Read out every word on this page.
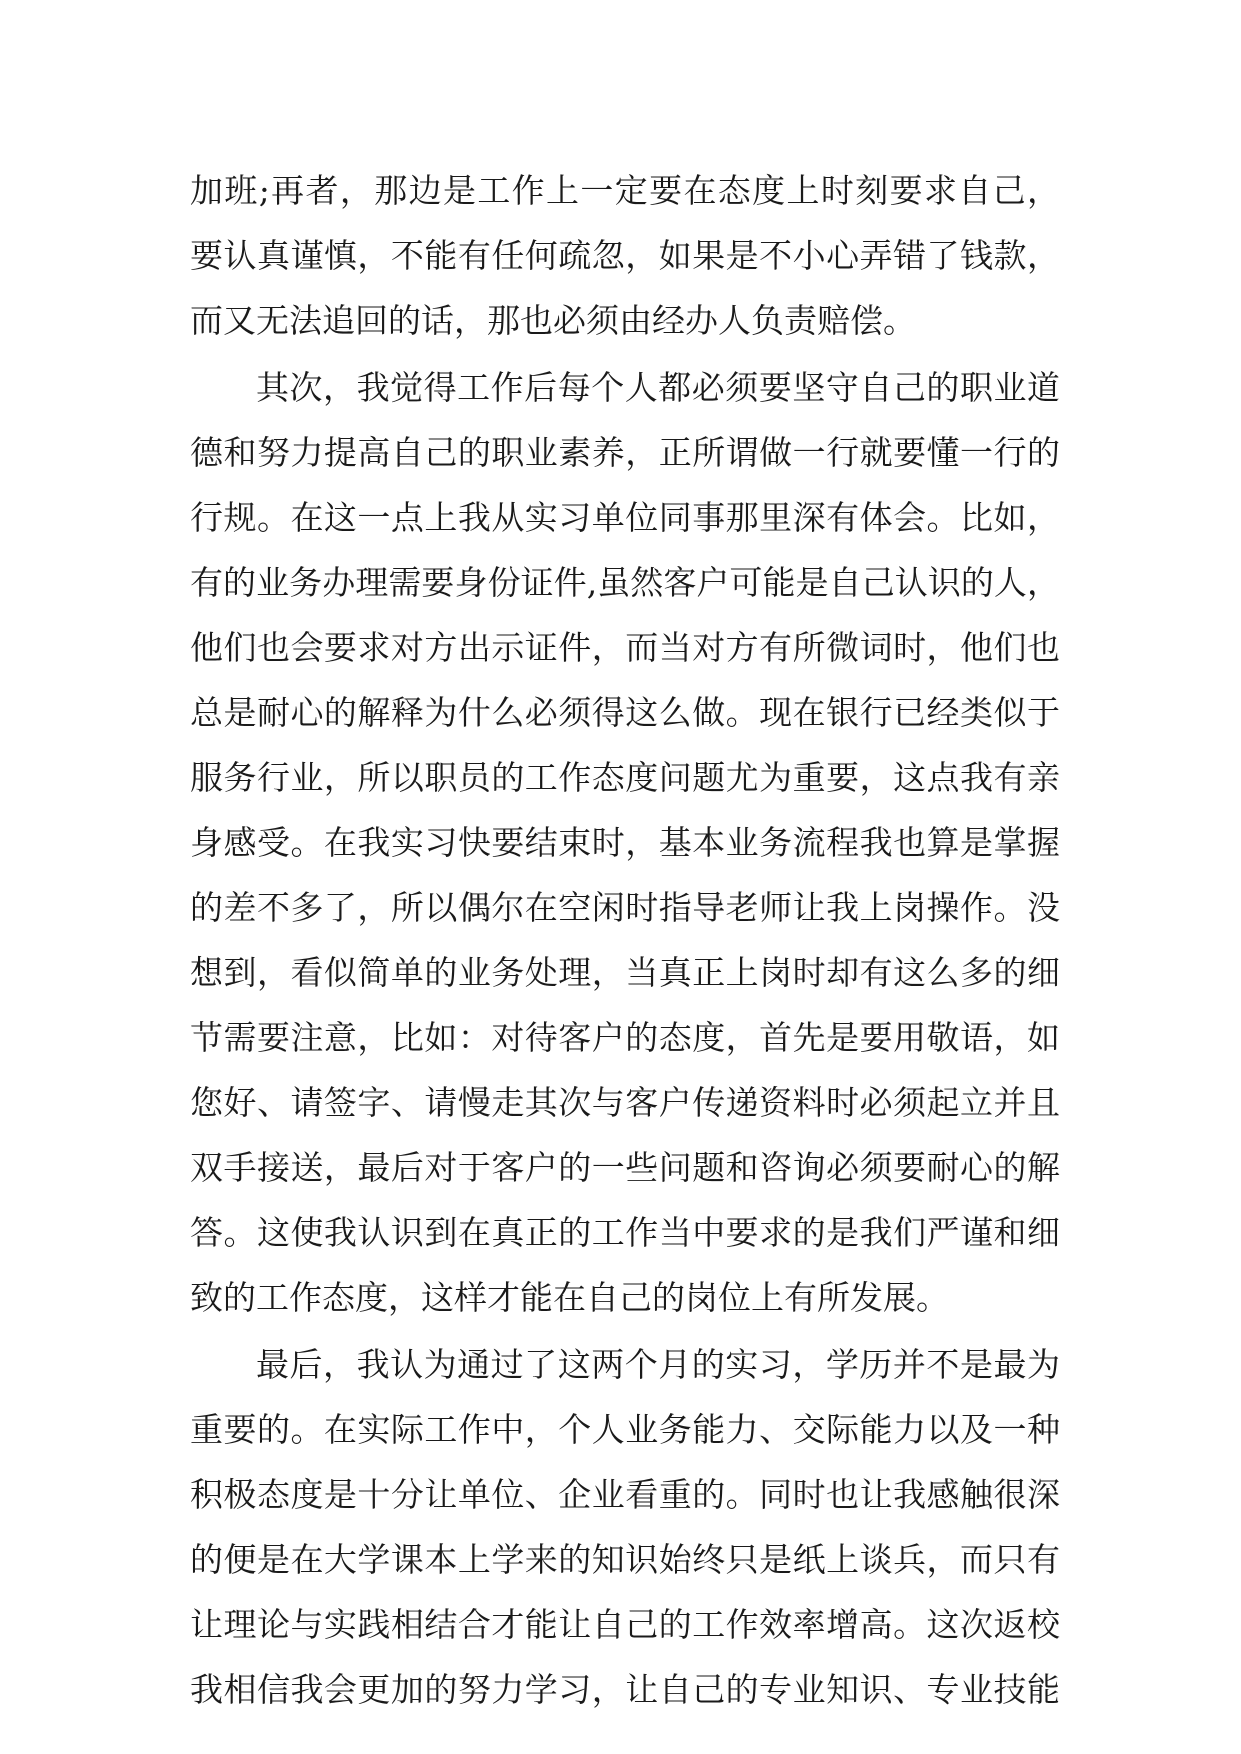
加班;再者，那边是工作上一定要在态度上时刻要求自己，
要认真谨慎，不能有任何疏忽，如果是不小心弄错了钱款，
而又无法追回的话，那也必须由经办人负责赔偿。
其次，我觉得工作后每个人都必须要坚守自己的职业道
德和努力提高自己的职业素养，正所谓做一行就要懂一行的
行规。在这一点上我从实习单位同事那里深有体会。比如，
有的业务办理需要身份证件,虽然客户可能是自己认识的人，
他们也会要求对方出示证件，而当对方有所微词时，他们也
总是耐心的解释为什么必须得这么做。现在银行已经类似于
服务行业，所以职员的工作态度问题尤为重要，这点我有亲
身感受。在我实习快要结束时，基本业务流程我也算是掌握
的差不多了，所以偶尔在空闲时指导老师让我上岗操作。没
想到，看似简单的业务处理，当真正上岗时却有这么多的细
节需要注意，比如：对待客户的态度，首先是要用敬语，如
您好、请签字、请慢走其次与客户传递资料时必须起立并且
双手接送，最后对于客户的一些问题和咨询必须要耐心的解
答。这使我认识到在真正的工作当中要求的是我们严谨和细
致的工作态度，这样才能在自己的岗位上有所发展。
最后，我认为通过了这两个月的实习，学历并不是最为
重要的。在实际工作中，个人业务能力、交际能力以及一种
积极态度是十分让单位、企业看重的。同时也让我感触很深
的便是在大学课本上学来的知识始终只是纸上谈兵，而只有
让理论与实践相结合才能让自己的工作效率增高。这次返校
我相信我会更加的努力学习，让自己的专业知识、专业技能
